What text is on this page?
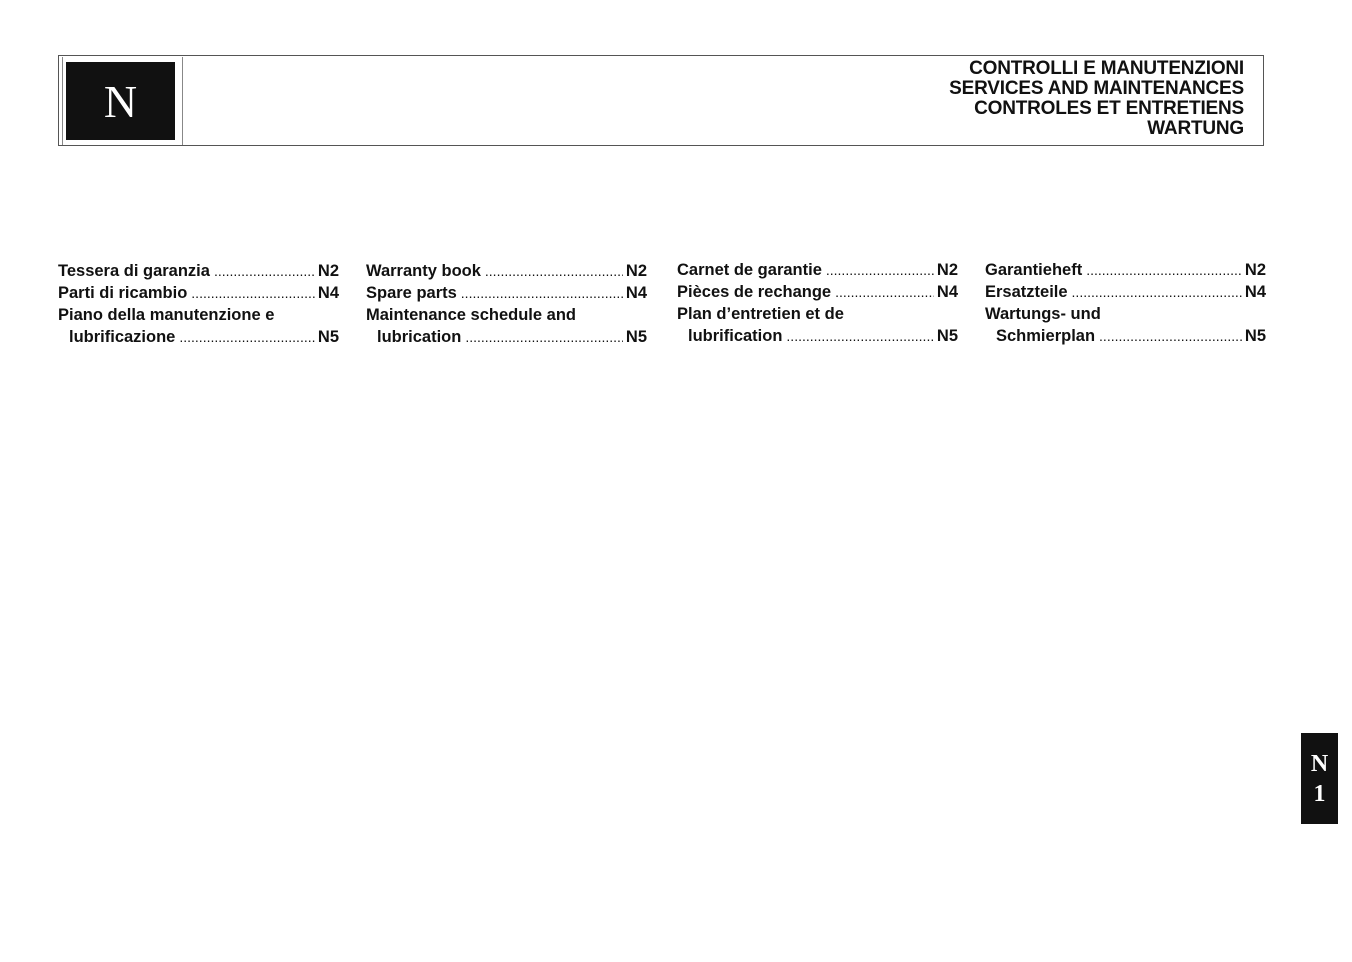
N
CONTROLLI E MANUTENZIONI
SERVICES AND MAINTENANCES
CONTROLES ET ENTRETIENS
WARTUNG
Tessera di garanzia .....	N2
Parti di ricambio .....	N4
Piano della manutenzione e
lubrificazione .....	N5
Warranty book .....	N2
Spare parts .....	N4
Maintenance schedule and
lubrication .....	N5
Carnet de garantie .....	N2
Pièces de rechange .....	N4
Plan d’entretien et de
lubrification .....	N5
Garantieheft .....	N2
Ersatzteile .....	N4
Wartungs- und
Schmierplan .....	N5
N
1
